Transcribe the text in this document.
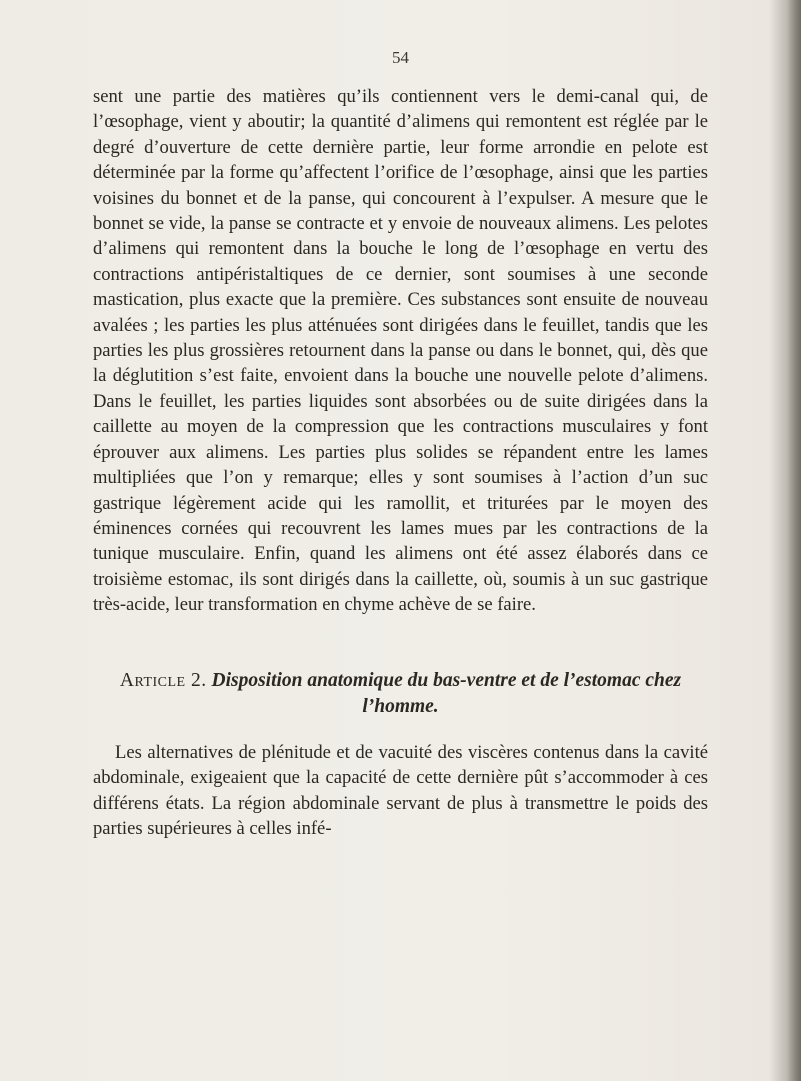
54

sent une partie des matières qu’ils contiennent vers le demi-canal qui, de l’œsophage, vient y aboutir; la quantité d’alimens qui remontent est réglée par le degré d’ouverture de cette dernière partie, leur forme arrondie en pelote est déterminée par la forme qu’affectent l’orifice de l’œsophage, ainsi que les parties voisines du bonnet et de la panse, qui concourent à l’expulser. A mesure que le bonnet se vide, la panse se contracte et y envoie de nouveaux alimens. Les pelotes d’alimens qui remontent dans la bouche le long de l’œsophage en vertu des contractions antipéristaltiques de ce dernier, sont soumises à une seconde mastication, plus exacte que la première. Ces substances sont ensuite de nouveau avalées ; les parties les plus atténuées sont dirigées dans le feuillet, tandis que les parties les plus grossières retournent dans la panse ou dans le bonnet, qui, dès que la déglutition s’est faite, envoient dans la bouche une nouvelle pelote d’alimens. Dans le feuillet, les parties liquides sont absorbées ou de suite dirigées dans la caillette au moyen de la compression que les contractions musculaires y font éprouver aux alimens. Les parties plus solides se répandent entre les lames multipliées que l’on y remarque; elles y sont soumises à l’action d’un suc gastrique légèrement acide qui les ramollit, et triturées par le moyen des éminences cornées qui recouvrent les lames mues par les contractions de la tunique musculaire. Enfin, quand les alimens ont été assez élaborés dans ce troisième estomac, ils sont dirigés dans la caillette, où, soumis à un suc gastrique très-acide, leur transformation en chyme achève de se faire.

Article 2. Disposition anatomique du bas-ventre et de l’estomac chez l’homme.

Les alternatives de plénitude et de vacuité des viscères contenus dans la cavité abdominale, exigeaient que la capacité de cette dernière pût s’accommoder à ces différens états. La région abdominale servant de plus à transmettre le poids des parties supérieures à celles infé-
